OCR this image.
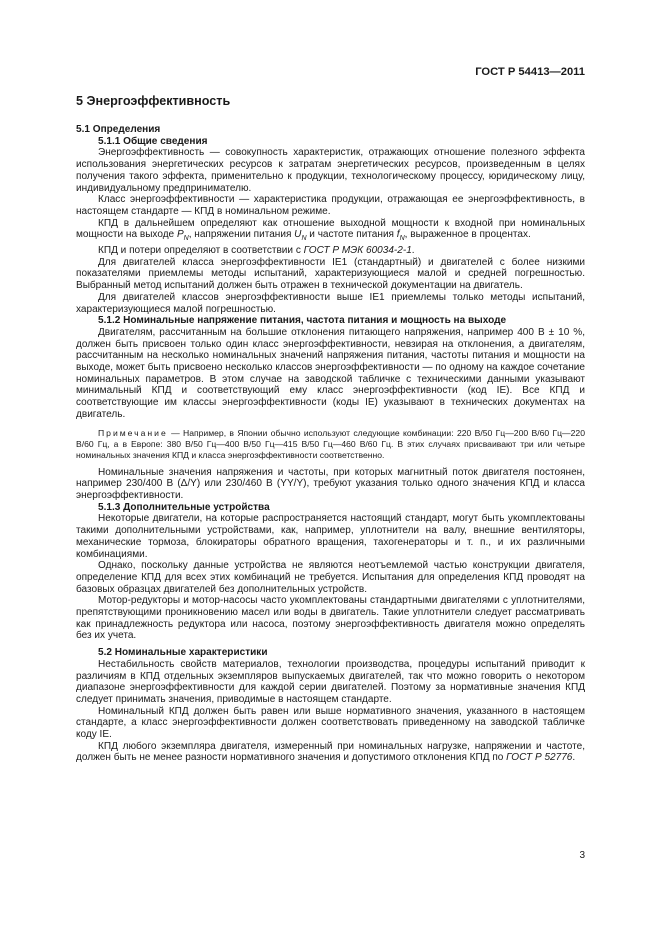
ГОСТ Р 54413—2011
5 Энергоэффективность

5.1 Определения

5.1.1 Общие сведения

Энергоэффективность — совокупность характеристик, отражающих отношение полезного эффекта использования энергетических ресурсов к затратам энергетических ресурсов, произведенным в целях получения такого эффекта, применительно к продукции, технологическому процессу, юридическому лицу, индивидуальному предпринимателю.

Класс энергоэффективности — характеристика продукции, отражающая ее энергоэффективность, в настоящем стандарте — КПД в номинальном режиме.

КПД в дальнейшем определяют как отношение выходной мощности к входной при номинальных мощности на выходе $P_N$, напряжении питания $U_N$ и частоте питания $f_N$, выраженное в процентах.

КПД и потери определяют в соответствии с ГОСТ Р МЭК 60034-2-1.

Для двигателей класса энергоэффективности IE1 (стандартный) и двигателей с более низкими показателями приемлемы методы испытаний, характеризующиеся малой и средней погрешностью. Выбранный метод испытаний должен быть отражен в технической документации на двигатель.

Для двигателей классов энергоэффективности выше IE1 приемлемы только методы испытаний, характеризующиеся малой погрешностью.

5.1.2 Номинальные напряжение питания, частота питания и мощность на выходе

Двигателям, рассчитанным на большие отклонения питающего напряжения, например 400 В ± 10 %, должен быть присвоен только один класс энергоэффективности, невзирая на отклонения, а двигателям, рассчитанным на несколько номинальных значений напряжения питания, частоты питания и мощности на выходе, может быть присвоено несколько классов энергоэффективности — по одному на каждое сочетание номинальных параметров. В этом случае на заводской табличке с техническими данными указывают минимальный КПД и соответствующий ему класс энергоэффективности (код IE). Все КПД и соответствующие им классы энергоэффективности (коды IE) указывают в технических документах на двигатель.

Примечание — Например, в Японии обычно используют следующие комбинации: 220 В/50 Гц—200 В/60 Гц—220 В/60 Гц, а в Европе: 380 В/50 Гц—400 В/50 Гц—415 В/50 Гц—460 В/60 Гц. В этих случаях присваивают три или четыре номинальных значения КПД и класса энергоэффективности соответственно.

Номинальные значения напряжения и частоты, при которых магнитный поток двигателя постоянен, например 230/400 В (Δ/Y) или 230/460 В (YY/Y), требуют указания только одного значения КПД и класса энергоэффективности.

5.1.3 Дополнительные устройства

Некоторые двигатели, на которые распространяется настоящий стандарт, могут быть укомплектованы такими дополнительными устройствами, как, например, уплотнители на валу, внешние вентиляторы, механические тормоза, блокираторы обратного вращения, тахогенераторы и т. п., и их различными комбинациями.

Однако, поскольку данные устройства не являются неотъемлемой частью конструкции двигателя, определение КПД для всех этих комбинаций не требуется. Испытания для определения КПД проводят на базовых образцах двигателей без дополнительных устройств.

Мотор-редукторы и мотор-насосы часто укомплектованы стандартными двигателями с уплотнителями, препятствующими проникновению масел или воды в двигатель. Такие уплотнители следует рассматривать как принадлежность редуктора или насоса, поэтому энергоэффективность двигателя можно определять без их учета.

5.2 Номинальные характеристики

Нестабильность свойств материалов, технологии производства, процедуры испытаний приводит к различиям в КПД отдельных экземпляров выпускаемых двигателей, так что можно говорить о некотором диапазоне энергоэффективности для каждой серии двигателей. Поэтому за нормативные значения КПД следует принимать значения, приводимые в настоящем стандарте.

Номинальный КПД должен быть равен или выше нормативного значения, указанного в настоящем стандарте, а класс энергоэффективности должен соответствовать приведенному на заводской табличке коду IE.

КПД любого экземпляра двигателя, измеренный при номинальных нагрузке, напряжении и частоте, должен быть не менее разности нормативного значения и допустимого отклонения КПД по ГОСТ Р 52776.

3
